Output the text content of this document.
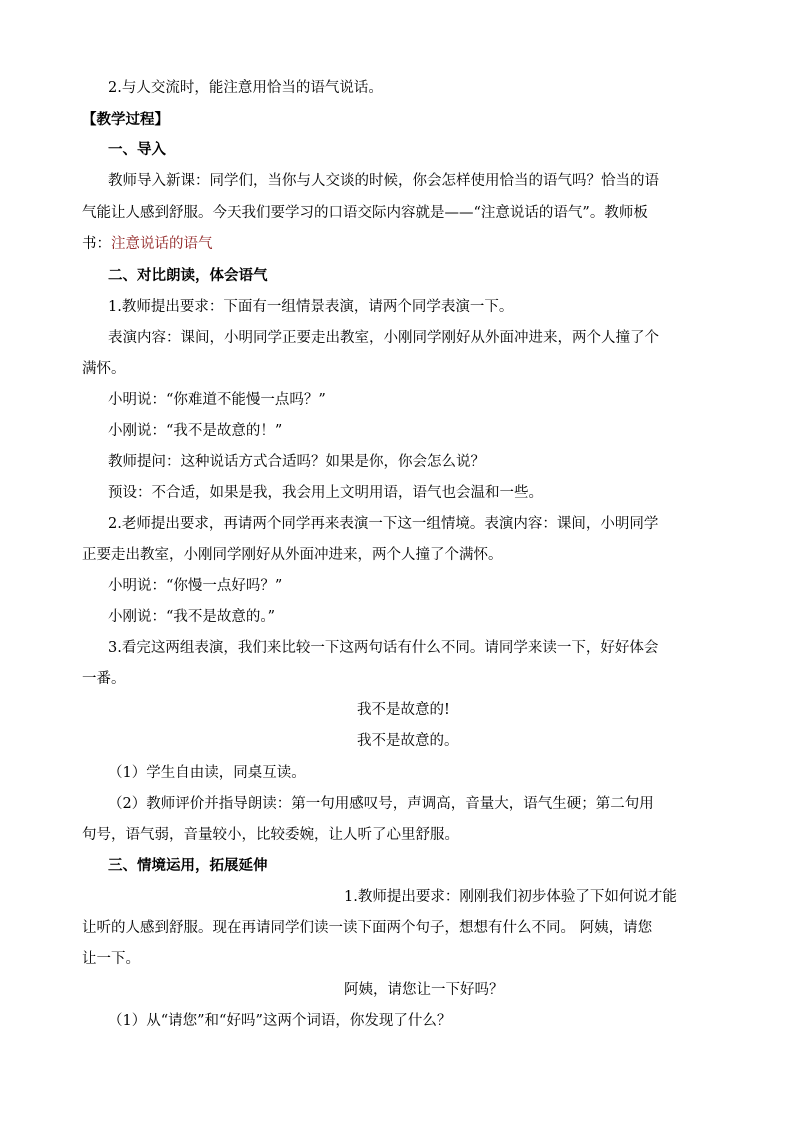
2.与人交流时，能注意用恰当的语气说话。
【教学过程】
一、导入
教师导入新课：同学们，当你与人交谈的时候，你会怎样使用恰当的语气吗？恰当的语
气能让人感到舒服。今天我们要学习的口语交际内容就是——“注意说话的语气”。教师板
书：注意说话的语气
二、对比朗读，体会语气
1.教师提出要求：下面有一组情景表演，请两个同学表演一下。
表演内容：课间，小明同学正要走出教室，小刚同学刚好从外面冲进来，两个人撞了个
满怀。
小明说：“你难道不能慢一点吗？”
小刚说：“我不是故意的！”
教师提问：这种说话方式合适吗？如果是你，你会怎么说？
预设：不合适，如果是我，我会用上文明用语，语气也会温和一些。
2.老师提出要求，再请两个同学再来表演一下这一组情境。表演内容：课间，小明同学
正要走出教室，小刚同学刚好从外面冲进来，两个人撞了个满怀。
小明说：“你慢一点好吗？”
小刚说：“我不是故意的。”
3.看完这两组表演，我们来比较一下这两句话有什么不同。请同学来读一下，好好体会
一番。
我不是故意的!
我不是故意的。
（1）学生自由读，同桌互读。
（2）教师评价并指导朗读：第一句用感叹号，声调高，音量大，语气生硬；第二句用
句号，语气弱，音量较小，比较委婉，让人听了心里舒服。
三、情境运用，拓展延伸
1.教师提出要求：刚刚我们初步体验了下如何说才能
让听的人感到舒服。现在再请同学们读一读下面两个句子，想想有什么不同。 阿姨，请您
让一下。
阿姨，请您让一下好吗？
（1）从“请您”和“好吗”这两个词语，你发现了什么？
